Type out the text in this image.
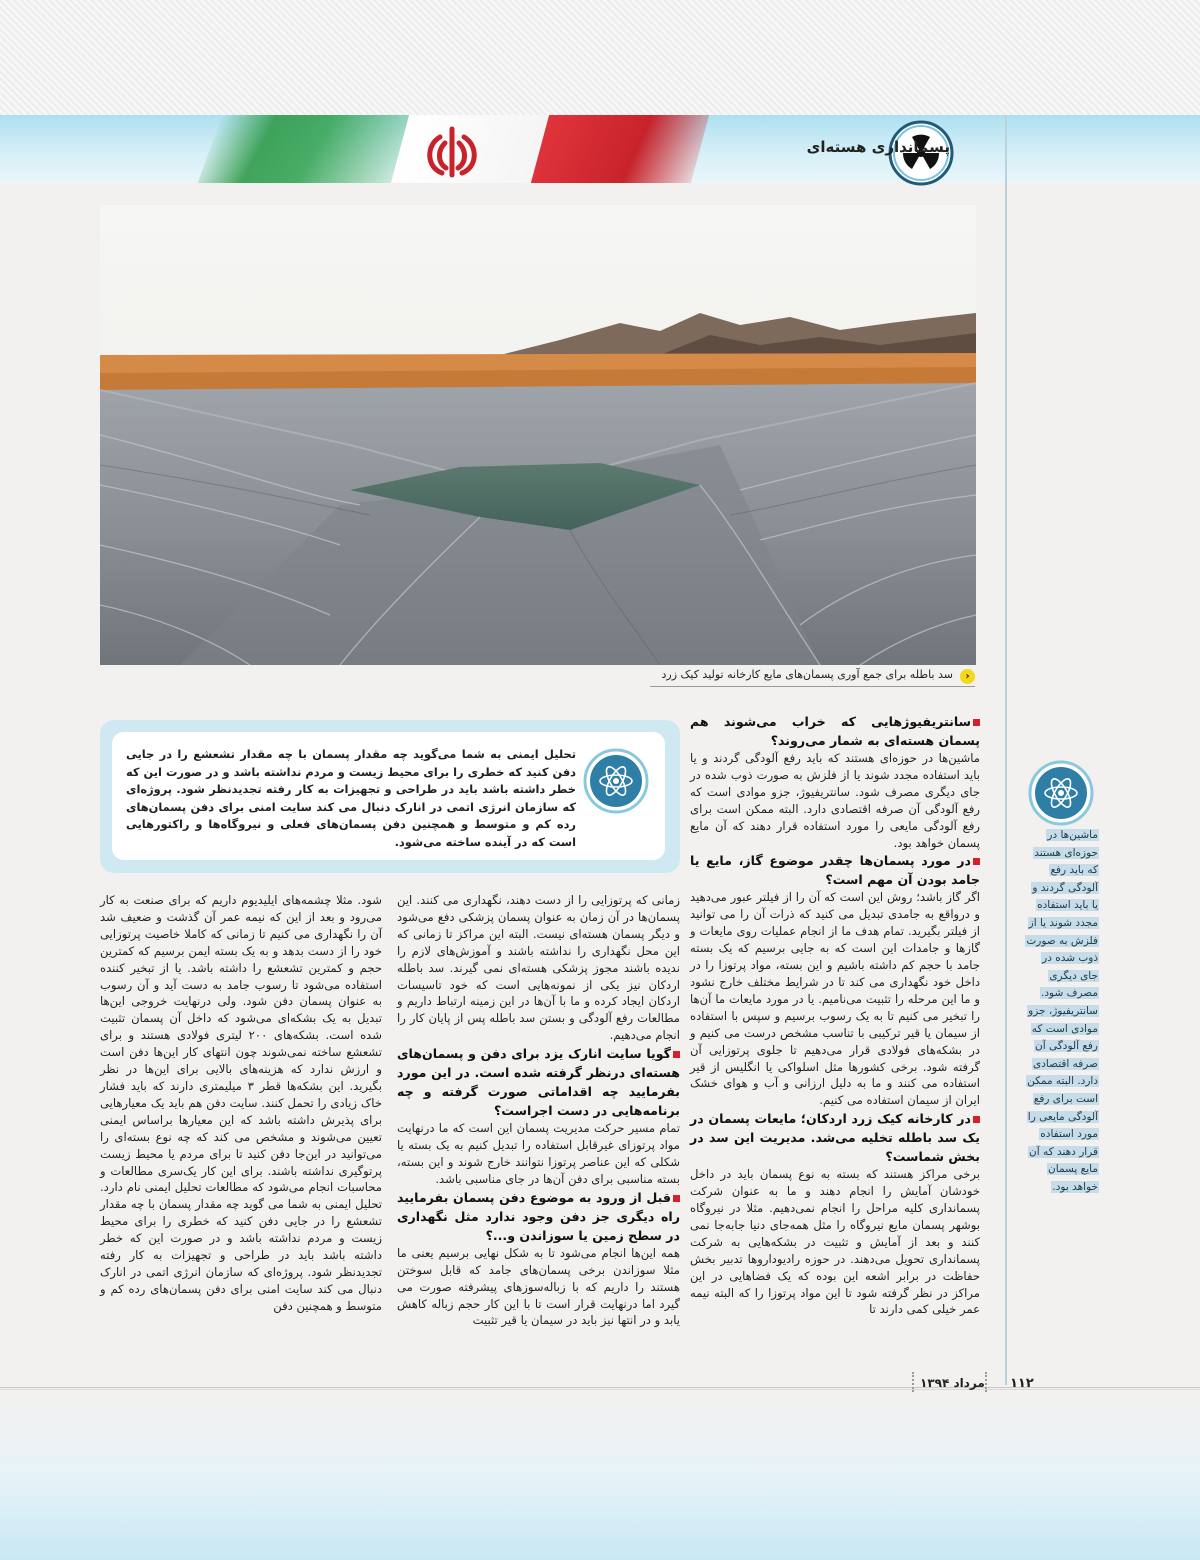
پسمانداری هسته‌ای
›
سد باطله برای جمع آوری پسمان‌های مایع کارخانه تولید کیک زرد
تحلیل ایمنی به شما می‌گوید چه مقدار پسمان با چه مقدار تشعشع را در جایی دفن کنید که خطری را برای محیط زیست و مردم نداشته باشد و در صورت این که خطر داشته باشد باید در طراحی و تجهیزات به کار رفته تجدیدنظر شود. پروژه‌ای که سازمان انرژی اتمی در انارک دنبال می کند سایت امنی برای دفن پسمان‌های رده کم و متوسط و همچنین دفن پسمان‌های فعلی و نیروگاه‌ها و راکتورهایی است که در آینده ساخته می‌شود.

سانتریفیوژهایی که خراب می‌شوند هم پسمان هسته‌ای به شمار می‌روند؟

ماشین‌ها در حوزه‌ای هستند که باید رفع آلودگی گردند و یا باید استفاده مجدد شوند یا از فلزش به صورت ذوب شده در جای دیگری مصرف شود. سانتریفیوژ، جزو موادی است که رفع آلودگی آن صرفه اقتصادی دارد. البته ممکن است برای رفع آلودگی مایعی را مورد استفاده قرار دهند که آن مایع پسمان خواهد بود.

در مورد پسمان‌ها چقدر موضوع گاز، مایع یا جامد بودن آن مهم است؟

اگر گاز باشد؛ روش این است که آن را از فیلتر عبور می‌دهید و درواقع به جامدی تبدیل می کنید که ذرات آن را می توانید از فیلتر بگیرید. تمام هدف ما از انجام عملیات روی مایعات و گازها و جامدات این است که به جایی برسیم که یک بسته جامد با حجم کم داشته باشیم و این بسته، مواد پرتوزا را در داخل خود نگهداری می کند تا در شرایط مختلف خارج نشود و ما این مرحله را تثبیت می‌نامیم. یا در مورد مایعات ما آن‌ها را تبخیر می کنیم تا به یک رسوب برسیم و سپس با استفاده از سیمان یا قیر ترکیبی با تناسب مشخص درست می کنیم و در بشکه‌های فولادی قرار می‌دهیم تا جلوی پرتوزایی آن گرفته شود. برخی کشورها مثل اسلواکی یا انگلیس از قیر استفاده می کنند و ما به دلیل ارزانی و آب و هوای خشک ایران از سیمان استفاده می کنیم.

در کارخانه کیک زرد اردکان؛ مایعات پسمان در یک سد باطله تخلیه می‌شد. مدیریت این سد در بخش شماست؟

برخی مراکز هستند که بسته به نوع پسمان باید در داخل خودشان آمایش را انجام دهند و ما به عنوان شرکت پسمانداری کلیه مراحل را انجام نمی‌دهیم. مثلا در نیروگاه بوشهر پسمان مایع نیروگاه را مثل همه‌جای دنیا جابه‌جا نمی کنند و بعد از آمایش و تثبیت در بشکه‌هایی به شرکت پسمانداری تحویل می‌دهند. در حوزه رادیوداروها تدبیر بخش حفاظت در برابر اشعه این بوده که یک فضاهایی در این مراکز در نظر گرفته شود تا این مواد پرتوزا را که البته نیمه عمر خیلی کمی دارند تا

زمانی که پرتوزایی را از دست دهند، نگهداری می کنند. این پسمان‌ها در آن زمان به عنوان پسمان پزشکی دفع می‌شود و دیگر پسمان هسته‌ای نیست. البته این مراکز تا زمانی که این محل نگهداری را نداشته باشند و آموزش‌های لازم را ندیده باشند مجوز پزشکی هسته‌ای نمی گیرند. سد باطله اردکان نیز یکی از نمونه‌هایی است که خود تاسیسات اردکان ایجاد کرده و ما با آن‌ها در این زمینه ارتباط داریم و مطالعات رفع آلودگی و بستن سد باطله پس از پایان کار را انجام می‌دهیم.

گویا سایت انارک یزد برای دفن و پسمان‌های هسته‌ای درنظر گرفته شده است. در این مورد بفرمایید چه اقداماتی صورت گرفته و چه برنامه‌هایی در دست اجراست؟

تمام مسیر حرکت مدیریت پسمان این است که ما درنهایت مواد پرتوزای غیرقابل استفاده را تبدیل کنیم به یک بسته یا شکلی که این عناصر پرتوزا نتوانند خارج شوند و این بسته، بسته مناسبی برای دفن آن‌ها در جای مناسبی باشد.

قبل از ورود به موضوع دفن پسمان بفرمایید راه دیگری جز دفن وجود ندارد مثل نگهداری در سطح زمین یا سوزاندن و...؟

همه این‌ها انجام می‌شود تا به شکل نهایی برسیم یعنی ما مثلا سوزاندن برخی پسمان‌های جامد که قابل سوختن هستند را داریم که با زباله‌سوزهای پیشرفته صورت می گیرد اما درنهایت قرار است تا با این کار حجم زباله کاهش یابد و در انتها نیز باید در سیمان یا قیر تثبیت

شود. مثلا چشمه‌های ایلیدیوم داریم که برای صنعت به کار می‌رود و بعد از این که نیمه عمر آن گذشت و ضعیف شد آن را نگهداری می کنیم تا زمانی که کاملا خاصیت پرتوزایی خود را از دست بدهد و به یک بسته ایمن برسیم که کمترین حجم و کمترین تشعشع را داشته باشد. یا از تبخیر کننده استفاده می‌شود تا رسوب جامد به دست آید و آن رسوب به عنوان پسمان دفن شود. ولی درنهایت خروجی این‌ها تبدیل به یک بشکه‌ای می‌شود که داخل آن پسمان تثبیت شده است. بشکه‌های ۲۰۰ لیتری فولادی هستند و برای تشعشع ساخته نمی‌شوند چون انتهای کار این‌ها دفن است و ارزش ندارد که هزینه‌های بالایی برای این‌ها در نظر بگیرید. این بشکه‌ها قطر ۳ میلیمتری دارند که باید فشار خاک زیادی را تحمل کنند. سایت دفن هم باید یک معیارهایی برای پذیرش داشته باشد که این معیارها براساس ایمنی تعیین می‌شوند و مشخص می کند که چه نوع بسته‌ای را می‌توانید در این‌جا دفن کنید تا برای مردم یا محیط زیست پرتوگیری نداشته باشند. برای این کار یک‌سری مطالعات و محاسبات انجام می‌شود که مطالعات تحلیل ایمنی نام دارد. تحلیل ایمنی به شما می گوید چه مقدار پسمان با چه مقدار تشعشع را در جایی دفن کنید که خطری را برای محیط زیست و مردم نداشته باشد و در صورت این که خطر داشته باشد باید در طراحی و تجهیزات به کار رفته تجدیدنظر شود. پروژه‌ای که سازمان انرژی اتمی در انارک دنبال می کند سایت امنی برای دفن پسمان‌های رده کم و متوسط و همچنین دفن

ماشین‌ها در حوزه‌ای هستند که باید رفع آلودگی گردند و یا باید استفاده مجدد شوند یا از فلزش به صورت ذوب شده در جای دیگری مصرف شود. سانتریفیوژ، جزو موادی است که رفع آلودگی آن صرفه اقتصادی دارد. البته ممکن است برای رفع آلودگی مایعی را مورد استفاده قرار دهند که آن مایع پسمان خواهد بود.
۱۱۲
مرداد ۱۳۹۴
